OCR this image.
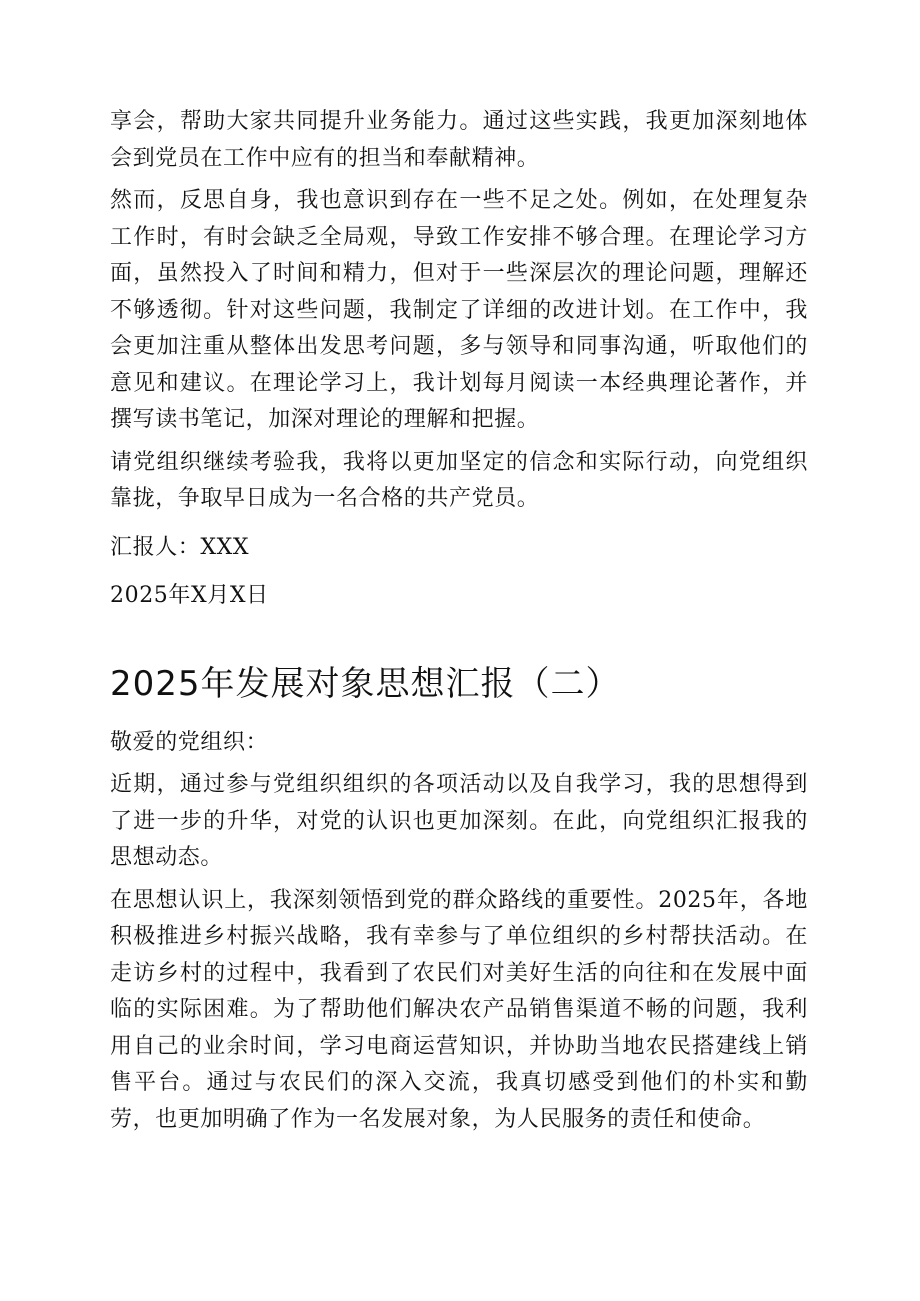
享会，帮助大家共同提升业务能力。通过这些实践，我更加深刻地体会到党员在工作中应有的担当和奉献精神。

然而，反思自身，我也意识到存在一些不足之处。例如，在处理复杂工作时，有时会缺乏全局观，导致工作安排不够合理。在理论学习方面，虽然投入了时间和精力，但对于一些深层次的理论问题，理解还不够透彻。针对这些问题，我制定了详细的改进计划。在工作中，我会更加注重从整体出发思考问题，多与领导和同事沟通，听取他们的意见和建议。在理论学习上，我计划每月阅读一本经典理论著作，并撰写读书笔记，加深对理论的理解和把握。

请党组织继续考验我，我将以更加坚定的信念和实际行动，向党组织靠拢，争取早日成为一名合格的共产党员。

汇报人：XXX

2025年X月X日

2025年发展对象思想汇报（二）

敬爱的党组织：

近期，通过参与党组织组织的各项活动以及自我学习，我的思想得到了进一步的升华，对党的认识也更加深刻。在此，向党组织汇报我的思想动态。

在思想认识上，我深刻领悟到党的群众路线的重要性。2025年，各地积极推进乡村振兴战略，我有幸参与了单位组织的乡村帮扶活动。在走访乡村的过程中，我看到了农民们对美好生活的向往和在发展中面临的实际困难。为了帮助他们解决农产品销售渠道不畅的问题，我利用自己的业余时间，学习电商运营知识，并协助当地农民搭建线上销售平台。通过与农民们的深入交流，我真切感受到他们的朴实和勤劳，也更加明确了作为一名发展对象，为人民服务的责任和使命。
